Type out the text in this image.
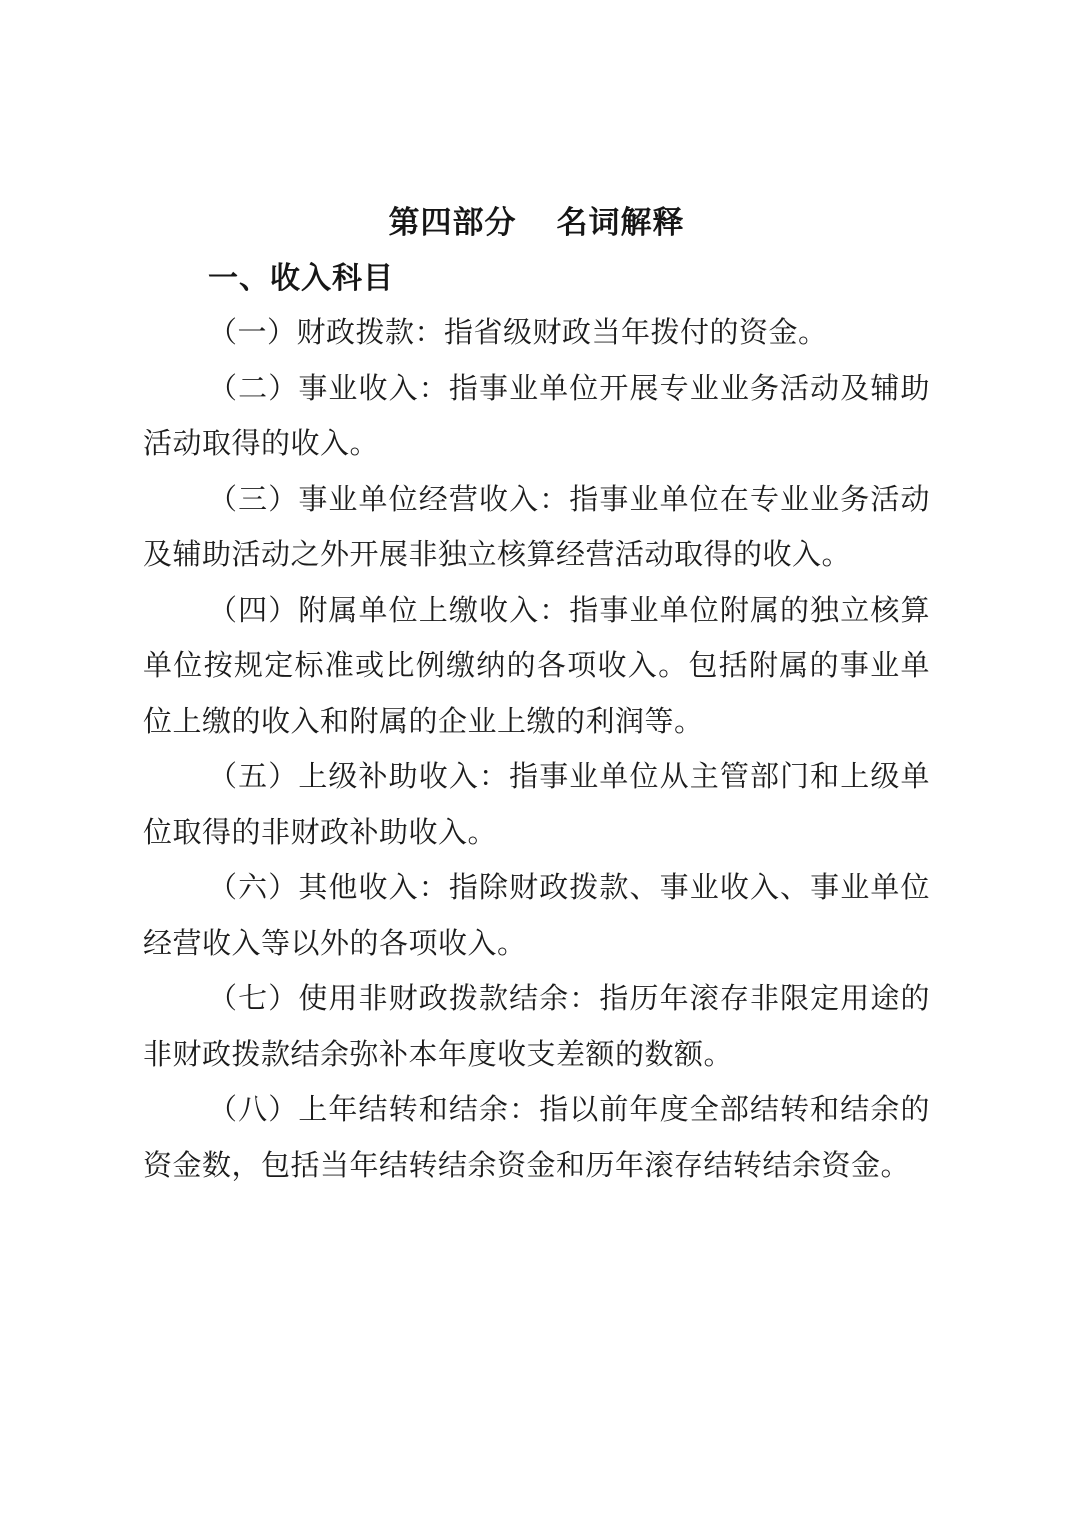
第四部分 名词解释
一、收入科目

（一）财政拨款：指省级财政当年拨付的资金。

（二）事业收入：指事业单位开展专业业务活动及辅助活动取得的收入。

（三）事业单位经营收入：指事业单位在专业业务活动及辅助活动之外开展非独立核算经营活动取得的收入。

（四）附属单位上缴收入：指事业单位附属的独立核算单位按规定标准或比例缴纳的各项收入。包括附属的事业单位上缴的收入和附属的企业上缴的利润等。

（五）上级补助收入：指事业单位从主管部门和上级单位取得的非财政补助收入。

（六）其他收入：指除财政拨款、事业收入、事业单位经营收入等以外的各项收入。

（七）使用非财政拨款结余：指历年滚存非限定用途的非财政拨款结余弥补本年度收支差额的数额。

（八）上年结转和结余：指以前年度全部结转和结余的资金数，包括当年结转结余资金和历年滚存结转结余资金。
